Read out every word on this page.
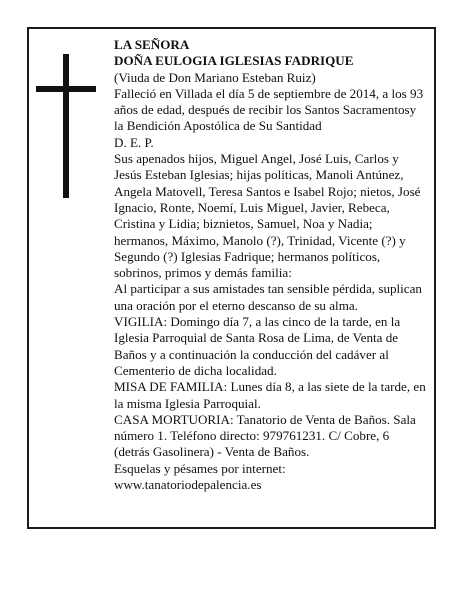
LA SEÑORA

DOÑA EULOGIA IGLESIAS FADRIQUE

(Viuda de Don Mariano Esteban Ruiz)

Falleció en Villada el día 5 de septiembre de 2014, a los 93 años de edad, después de recibir los Santos Sacramentosy la Bendición Apostólica de Su Santidad

D. E. P.

Sus apenados hijos, Miguel Angel, José Luis, Carlos y Jesús Esteban Iglesias; hijas políticas, Manoli Antúnez, Angela Matovell, Teresa Santos e Isabel Rojo; nietos, José Ignacio, Ronte, Noemí, Luis Miguel, Javier, Rebeca, Cristina y Lidia; biznietos, Samuel, Noa y Nadia; hermanos, Máximo, Manolo (?), Trinidad, Vicente (?) y Segundo (?) Iglesias Fadrique; hermanos políticos, sobrinos, primos y demás familia:

Al participar a sus amistades tan sensible pérdida, suplican una oración por el eterno descanso de su alma.

VIGILIA: Domingo día 7, a las cinco de la tarde, en la Iglesia Parroquial de Santa Rosa de Lima, de Venta de Baños y a continuación la conducción del cadáver al Cementerio de dicha localidad.

MISA DE FAMILIA: Lunes día 8, a las siete de la tarde, en la misma Iglesia Parroquial.

CASA MORTUORIA: Tanatorio de Venta de Baños. Sala número 1. Teléfono directo: 979761231. C/ Cobre, 6 (detrás Gasolinera) - Venta de Baños.

Esquelas y pésames por internet:

www.tanatoriodepalencia.es
